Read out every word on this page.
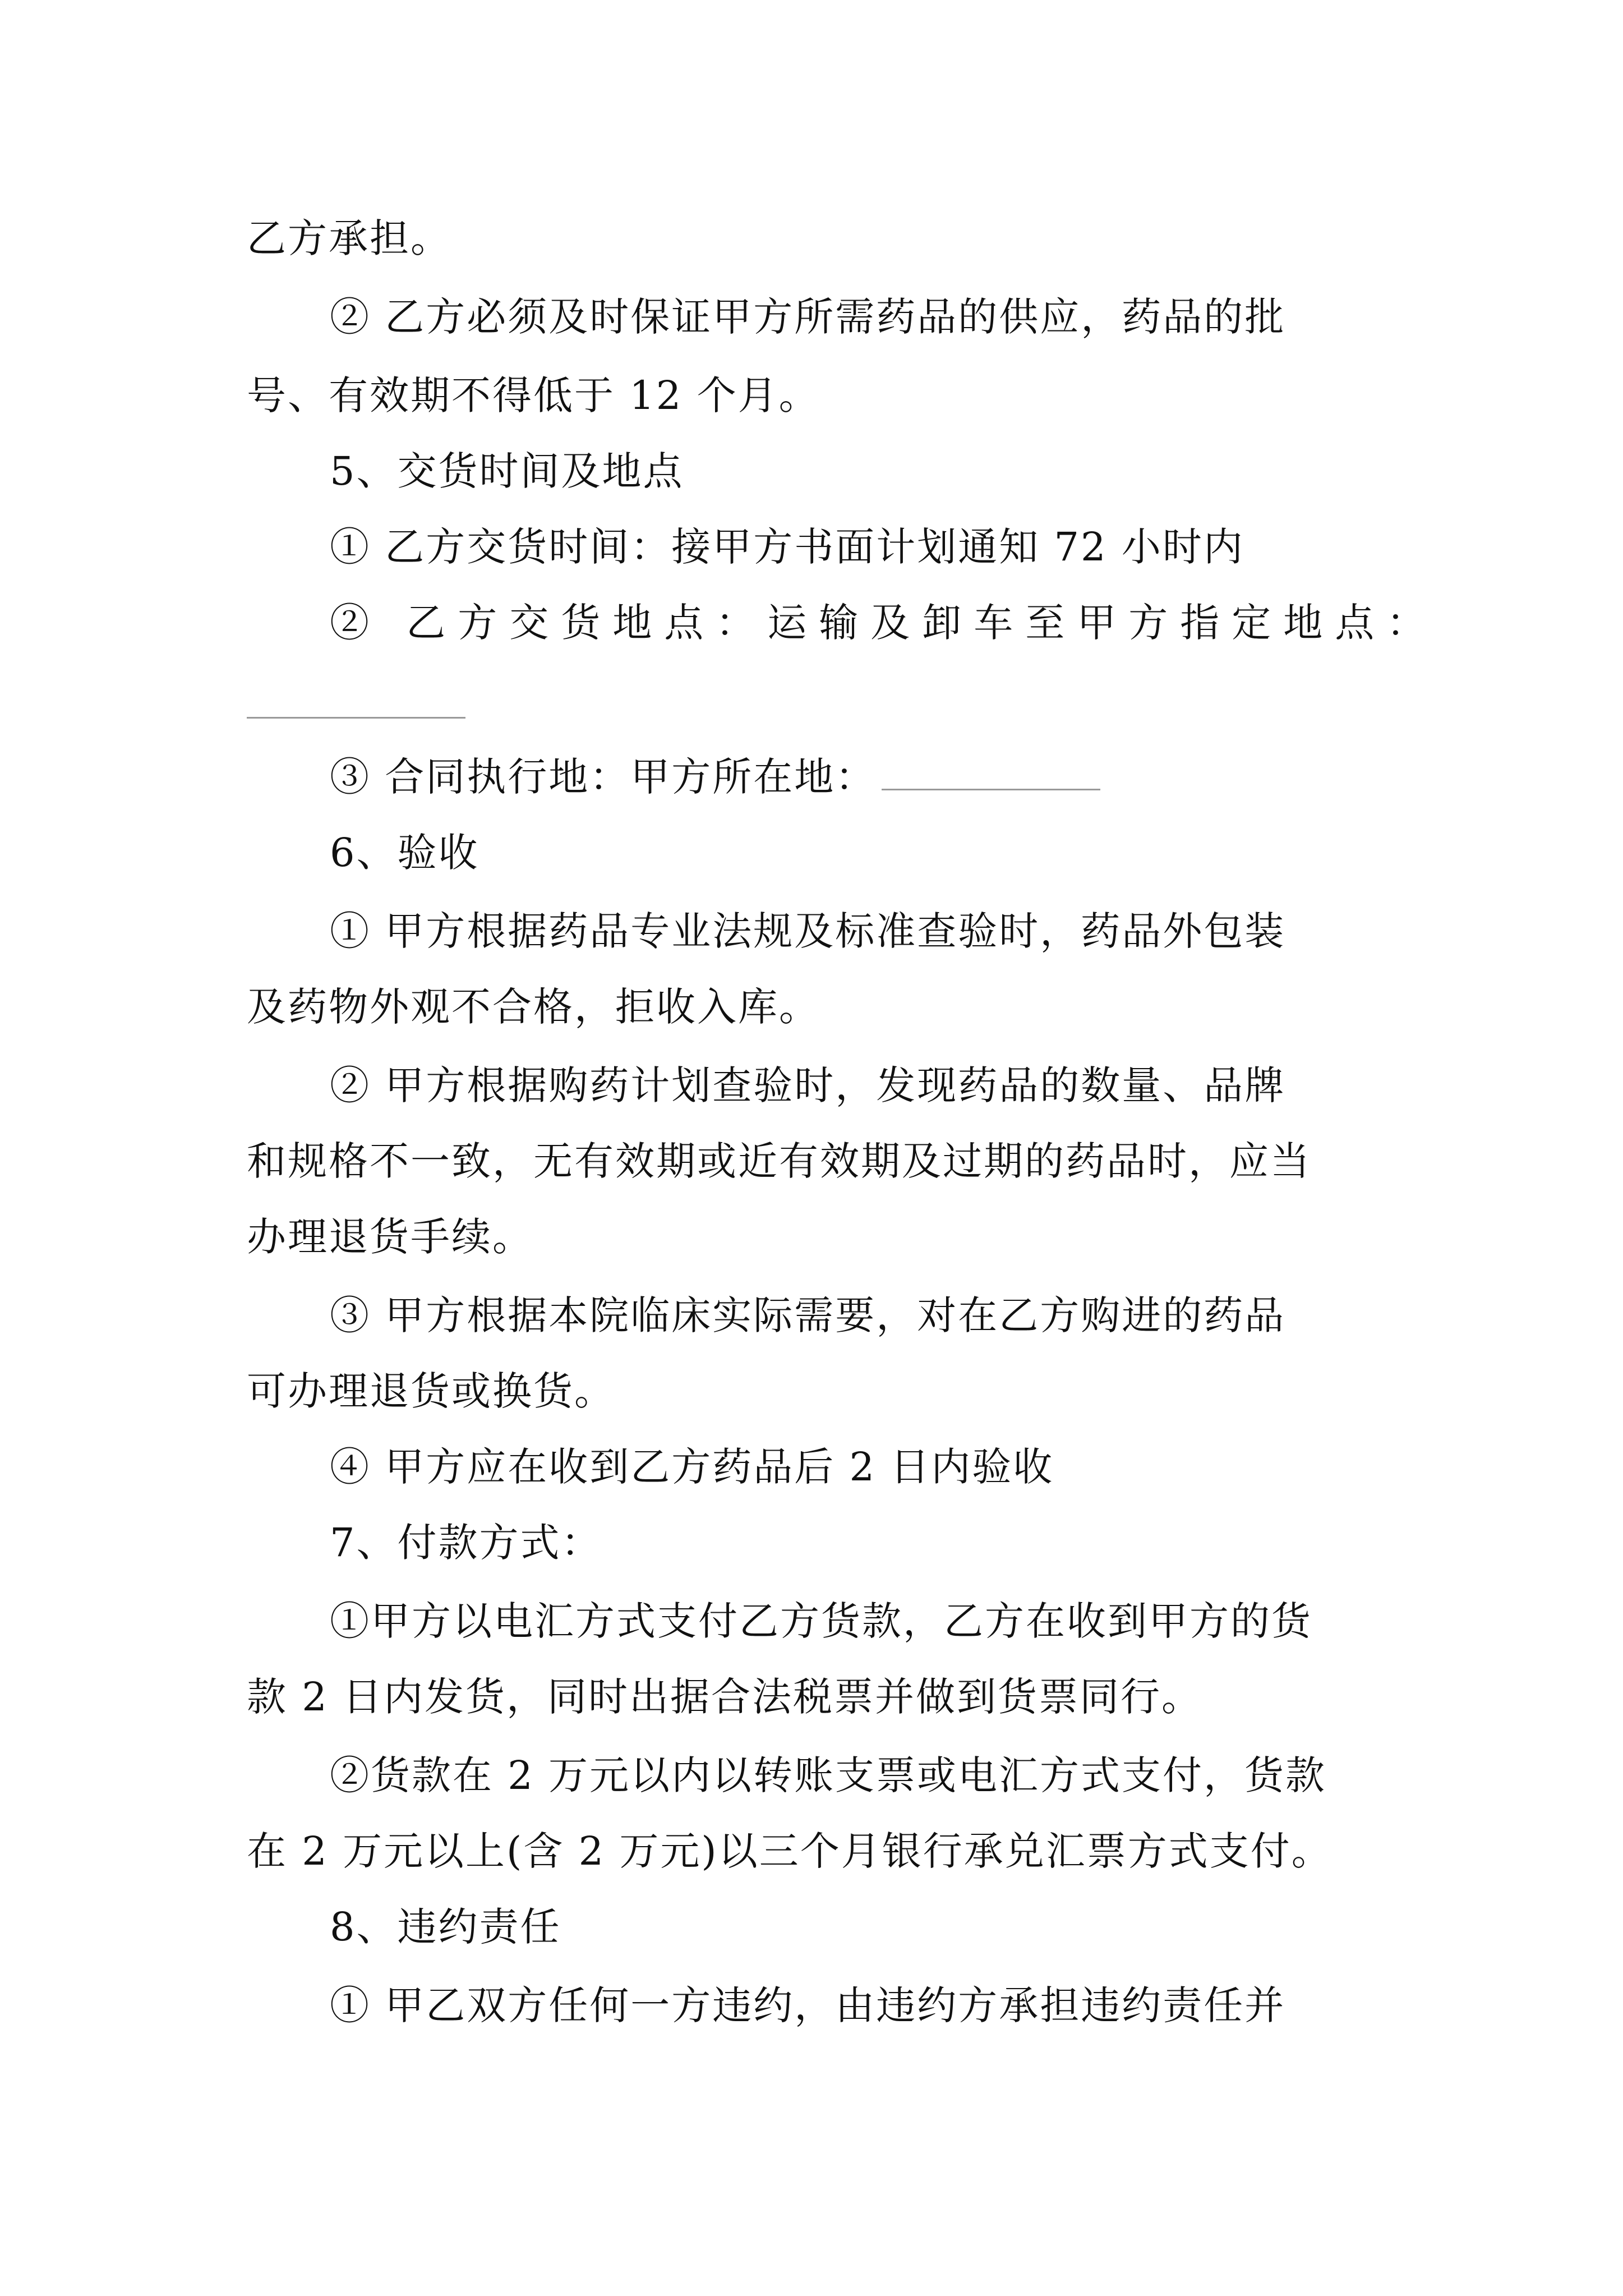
乙方承担。
② 乙方必须及时保证甲方所需药品的供应，药品的批
号、有效期不得低于 12 个月。
5、交货时间及地点
① 乙方交货时间：接甲方书面计划通知 72 小时内
② 乙方交货地点：运输及卸车至甲方指定地点：
③ 合同执行地：甲方所在地：
6、验收
① 甲方根据药品专业法规及标准查验时，药品外包装
及药物外观不合格，拒收入库。
② 甲方根据购药计划查验时，发现药品的数量、品牌
和规格不一致，无有效期或近有效期及过期的药品时，应当
办理退货手续。
③ 甲方根据本院临床实际需要，对在乙方购进的药品
可办理退货或换货。
④ 甲方应在收到乙方药品后 2 日内验收
7、付款方式：
①甲方以电汇方式支付乙方货款，乙方在收到甲方的货
款 2 日内发货，同时出据合法税票并做到货票同行。
②货款在 2 万元以内以转账支票或电汇方式支付，货款
在 2 万元以上(含 2 万元)以三个月银行承兑汇票方式支付。
8、违约责任
① 甲乙双方任何一方违约，由违约方承担违约责任并
